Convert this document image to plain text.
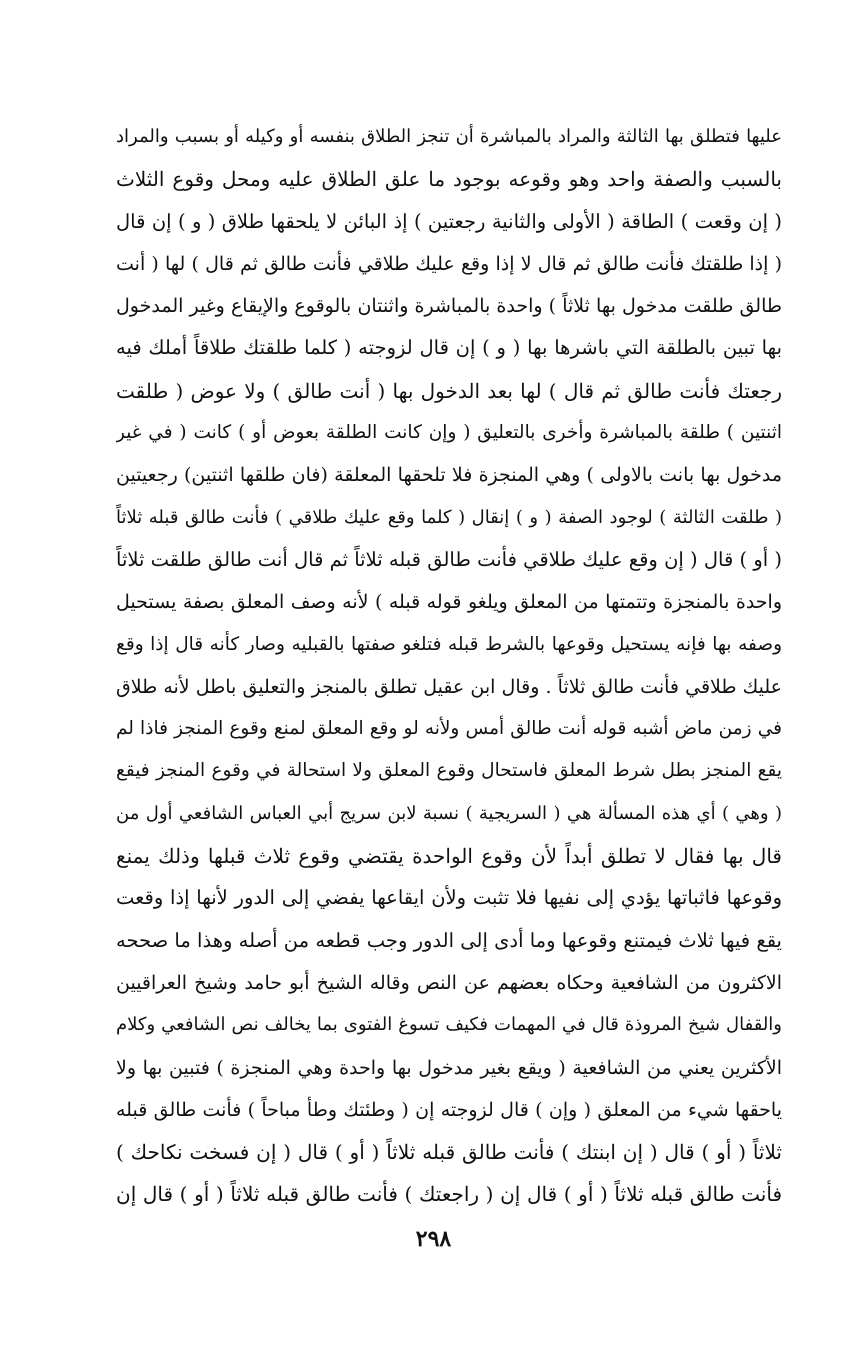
عليها فتطلق بها الثالثة والمراد بالمباشرة أن تنجز الطلاق بنفسه أو وكيله أو بسبب والمراد
بالسبب والصفة واحد وهو وقوعه بوجود ما علق الطلاق عليه ومحل وقوع الثلاث
( إن وقعت ) الطاقة ( الأولى والثانية رجعتين ) إذ البائن لا يلحقها طلاق ( و ) إن قال
( إذا طلقتك فأنت طالق ثم قال لا إذا وقع عليك طلاقي فأنت طالق ثم قال ) لها ( أنت
طالق طلقت مدخول بها ثلاثاً ) واحدة بالمباشرة واثنتان بالوقوع والإيقاع وغير المدخول
بها تبين بالطلقة التي باشرها بها ( و ) إن قال لزوجته ( كلما طلقتك طلاقاً أملك فيه
رجعتك فأنت طالق ثم قال ) لها بعد الدخول بها ( أنت طالق ) ولا عوض ( طلقت
اثنتين ) طلقة بالمباشرة وأخرى بالتعليق ( وإن كانت الطلقة بعوض أو ) كانت ( في غير
مدخول بها بانت بالاولى ) وهي المنجزة فلا تلحقها المعلقة (فان طلقها اثنتين) رجعيتين
( طلقت الثالثة ) لوجود الصفة ( و ) إنقال ( كلما وقع عليك طلاقي ) فأنت طالق قبله ثلاثاً
( أو ) قال ( إن وقع عليك طلاقي فأنت طالق قبله ثلاثاً ثم قال أنت طالق طلقت ثلاثاً
واحدة بالمنجزة وتتمتها من المعلق ويلغو قوله قبله ) لأنه وصف المعلق بصفة يستحيل
وصفه بها فإنه يستحيل وقوعها بالشرط قبله فتلغو صفتها بالقبليه وصار كأنه قال إذا وقع
عليك طلاقي فأنت طالق ثلاثاً . وقال ابن عقيل تطلق بالمنجز والتعليق باطل لأنه طلاق
في زمن ماض أشبه قوله أنت طالق أمس ولأنه لو وقع المعلق لمنع وقوع المنجز فاذا لم
يقع المنجز بطل شرط المعلق فاستحال وقوع المعلق ولا استحالة في وقوع المنجز فيقع
( وهي ) أي هذه المسألة هي ( السريجية ) نسبة لابن سريج أبي العباس الشافعي أول من
قال بها فقال لا تطلق أبداً لأن وقوع الواحدة يقتضي وقوع ثلاث قبلها وذلك يمنع
وقوعها فاثباتها يؤدي إلى نفيها فلا تثبت ولأن ايقاعها يفضي إلى الدور لأنها إذا وقعت
يقع فيها ثلاث فيمتنع وقوعها وما أدى إلى الدور وجب قطعه من أصله وهذا ما صححه
الاكثرون من الشافعية وحكاه بعضهم عن النص وقاله الشيخ أبو حامد وشيخ العراقيين
والقفال شيخ المروذة قال في المهمات فكيف تسوغ الفتوى بما يخالف نص الشافعي وكلام
الأكثرين يعني من الشافعية ( ويقع بغير مدخول بها واحدة وهي المنجزة ) فتبين بها ولا
ياحقها شيء من المعلق ( وإن ) قال لزوجته إن ( وطئتك وطأ مباحاً ) فأنت طالق قبله
ثلاثاً ( أو ) قال ( إن ابنتك ) فأنت طالق قبله ثلاثاً ( أو ) قال ( إن فسخت نكاحك )
فأنت طالق قبله ثلاثاً ( أو ) قال إن ( راجعتك ) فأنت طالق قبله ثلاثاً ( أو ) قال إن
٢٩٨
